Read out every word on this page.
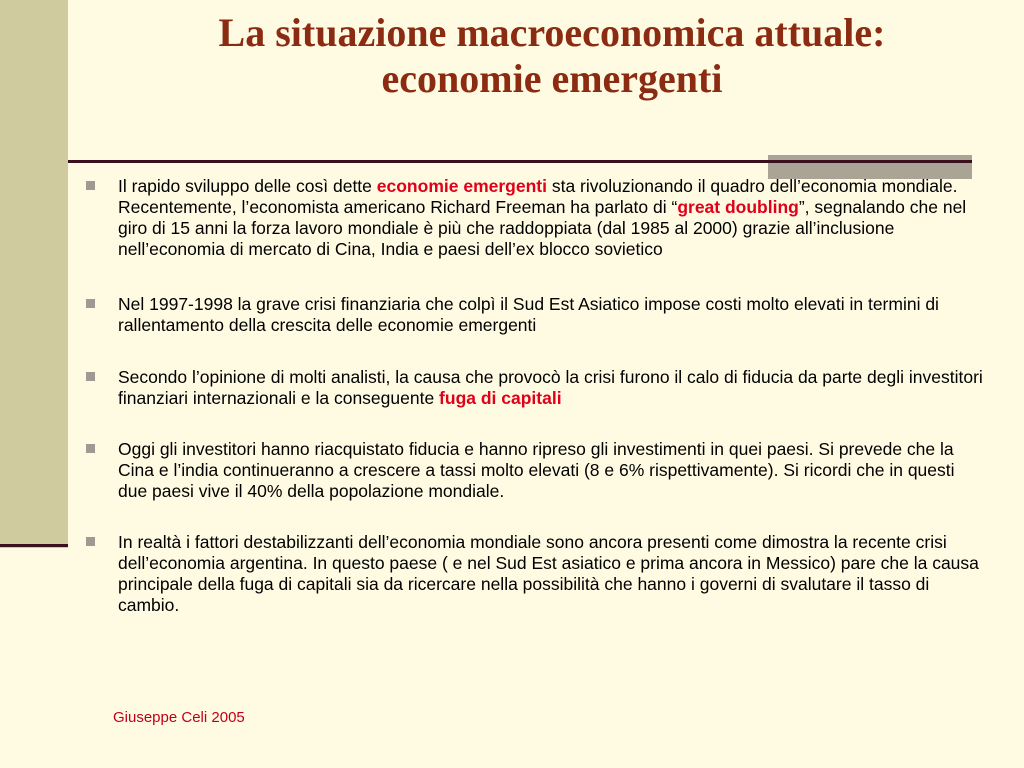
La situazione macroeconomica attuale:
economie emergenti
Il rapido sviluppo delle così dette economie emergenti sta rivoluzionando il quadro dell’economia mondiale. Recentemente, l’economista americano Richard Freeman ha parlato di “great doubling”, segnalando che nel giro di 15 anni la forza lavoro mondiale è più che raddoppiata (dal 1985 al 2000) grazie all’inclusione nell’economia di mercato di Cina, India e paesi dell’ex blocco sovietico
Nel 1997-1998 la grave crisi finanziaria che colpì il Sud Est Asiatico impose costi molto elevati in termini di rallentamento della crescita delle economie emergenti
Secondo l’opinione di molti analisti, la causa che provocò la crisi furono il calo di fiducia da parte degli investitori finanziari internazionali e la conseguente fuga di capitali
Oggi gli investitori hanno riacquistato fiducia e hanno ripreso gli investimenti in quei paesi. Si prevede che la Cina e l’india continueranno a crescere a tassi molto elevati (8 e 6% rispettivamente). Si ricordi che in questi due paesi vive il 40% della popolazione mondiale.
In realtà i fattori destabilizzanti dell’economia mondiale sono ancora presenti come dimostra la recente crisi dell’economia argentina. In questo paese ( e nel Sud Est asiatico e prima ancora in Messico) pare che la causa principale della fuga di capitali sia da ricercare nella possibilità che hanno i governi di svalutare il tasso di cambio.
Giuseppe Celi 2005
